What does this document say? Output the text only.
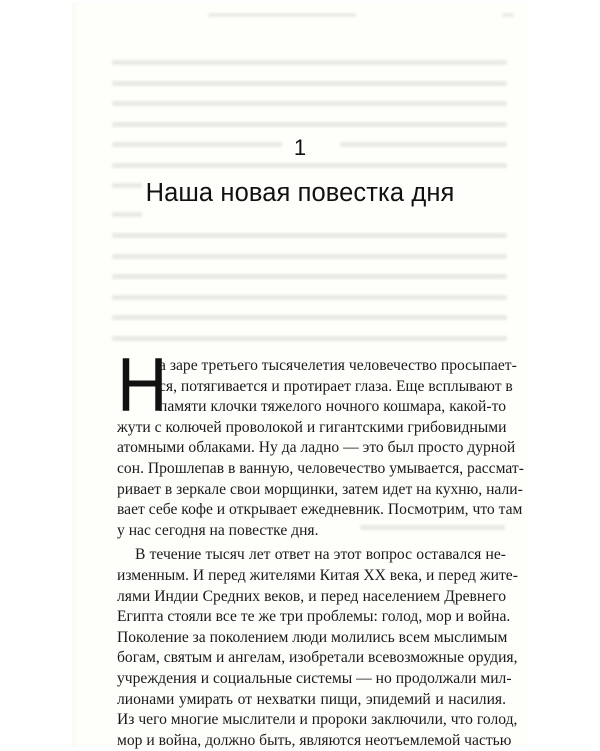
1
Наша новая повестка дня
Н
а заре третьего тысячелетия человечество просыпает-
ся, потягивается и протирает глаза. Еще всплывают в
памяти клочки тяжелого ночного кошмара, какой-то
жути с колючей проволокой и гигантскими грибовидными
атомными облаками. Ну да ладно — это был просто дурной
сон. Прошлепав в ванную, человечество умывается, рассмат-
ривает в зеркале свои морщинки, затем идет на кухню, нали-
вает себе кофе и открывает ежедневник. Посмотрим, что там
у нас сегодня на повестке дня.
В течение тысяч лет ответ на этот вопрос оставался не-
изменным. И перед жителями Китая XX века, и перед жите-
лями Индии Средних веков, и перед населением Древнего
Египта стояли все те же три проблемы: голод, мор и война.
Поколение за поколением люди молились всем мыслимым
богам, святым и ангелам, изобретали всевозможные орудия,
учреждения и социальные системы — но продолжали мил-
лионами умирать от нехватки пищи, эпидемий и насилия.
Из чего многие мыслители и пророки заключили, что голод,
мор и война, должно быть, являются неотъемлемой частью
